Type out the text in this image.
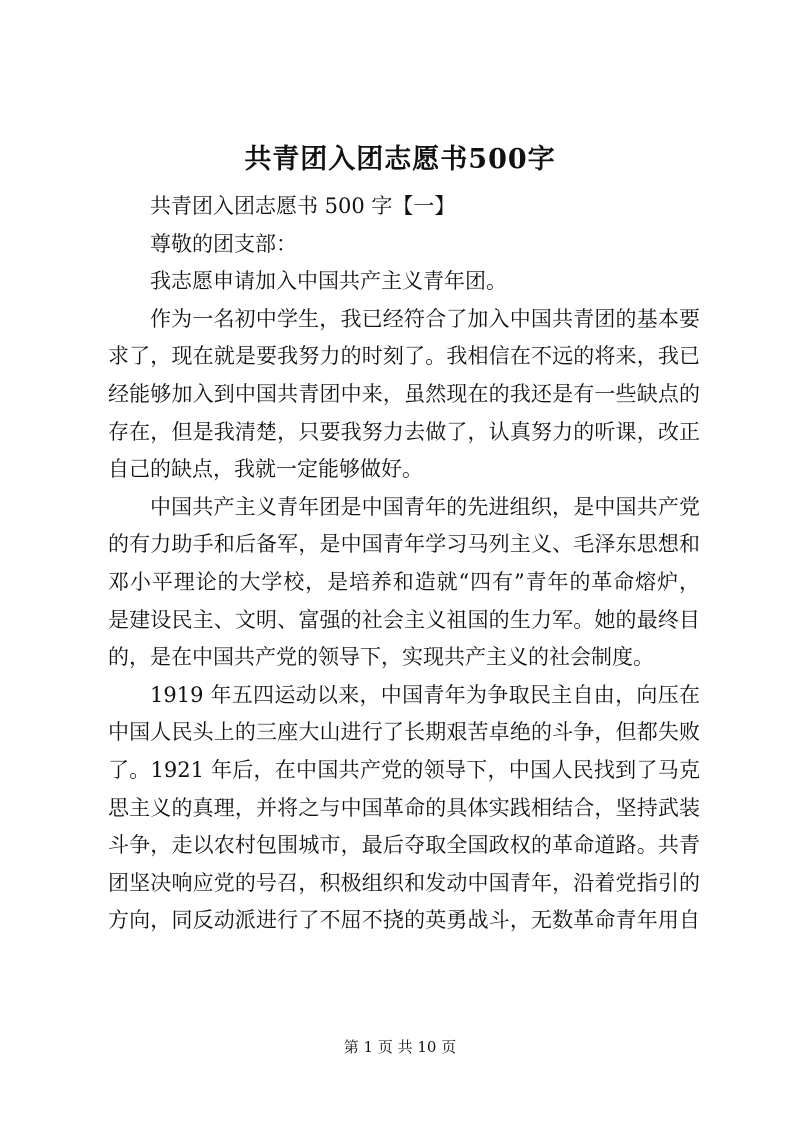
共青团入团志愿书500字

共青团入团志愿书 500 字【一】

尊敬的团支部：

我志愿申请加入中国共产主义青年团。

作为一名初中学生，我已经符合了加入中国共青团的基本要

求了，现在就是要我努力的时刻了。我相信在不远的将来，我已

经能够加入到中国共青团中来，虽然现在的我还是有一些缺点的

存在，但是我清楚，只要我努力去做了，认真努力的听课，改正

自己的缺点，我就一定能够做好。

中国共产主义青年团是中国青年的先进组织，是中国共产党

的有力助手和后备军，是中国青年学习马列主义、毛泽东思想和

邓小平理论的大学校，是培养和造就“四有”青年的革命熔炉，

是建设民主、文明、富强的社会主义祖国的生力军。她的最终目

的，是在中国共产党的领导下，实现共产主义的社会制度。

1919 年五四运动以来，中国青年为争取民主自由，向压在

中国人民头上的三座大山进行了长期艰苦卓绝的斗争，但都失败

了。1921 年后，在中国共产党的领导下，中国人民找到了马克

思主义的真理，并将之与中国革命的具体实践相结合，坚持武装

斗争，走以农村包围城市，最后夺取全国政权的革命道路。共青

团坚决响应党的号召，积极组织和发动中国青年，沿着党指引的

方向，同反动派进行了不屈不挠的英勇战斗，无数革命青年用自

第 1 页 共 10 页
